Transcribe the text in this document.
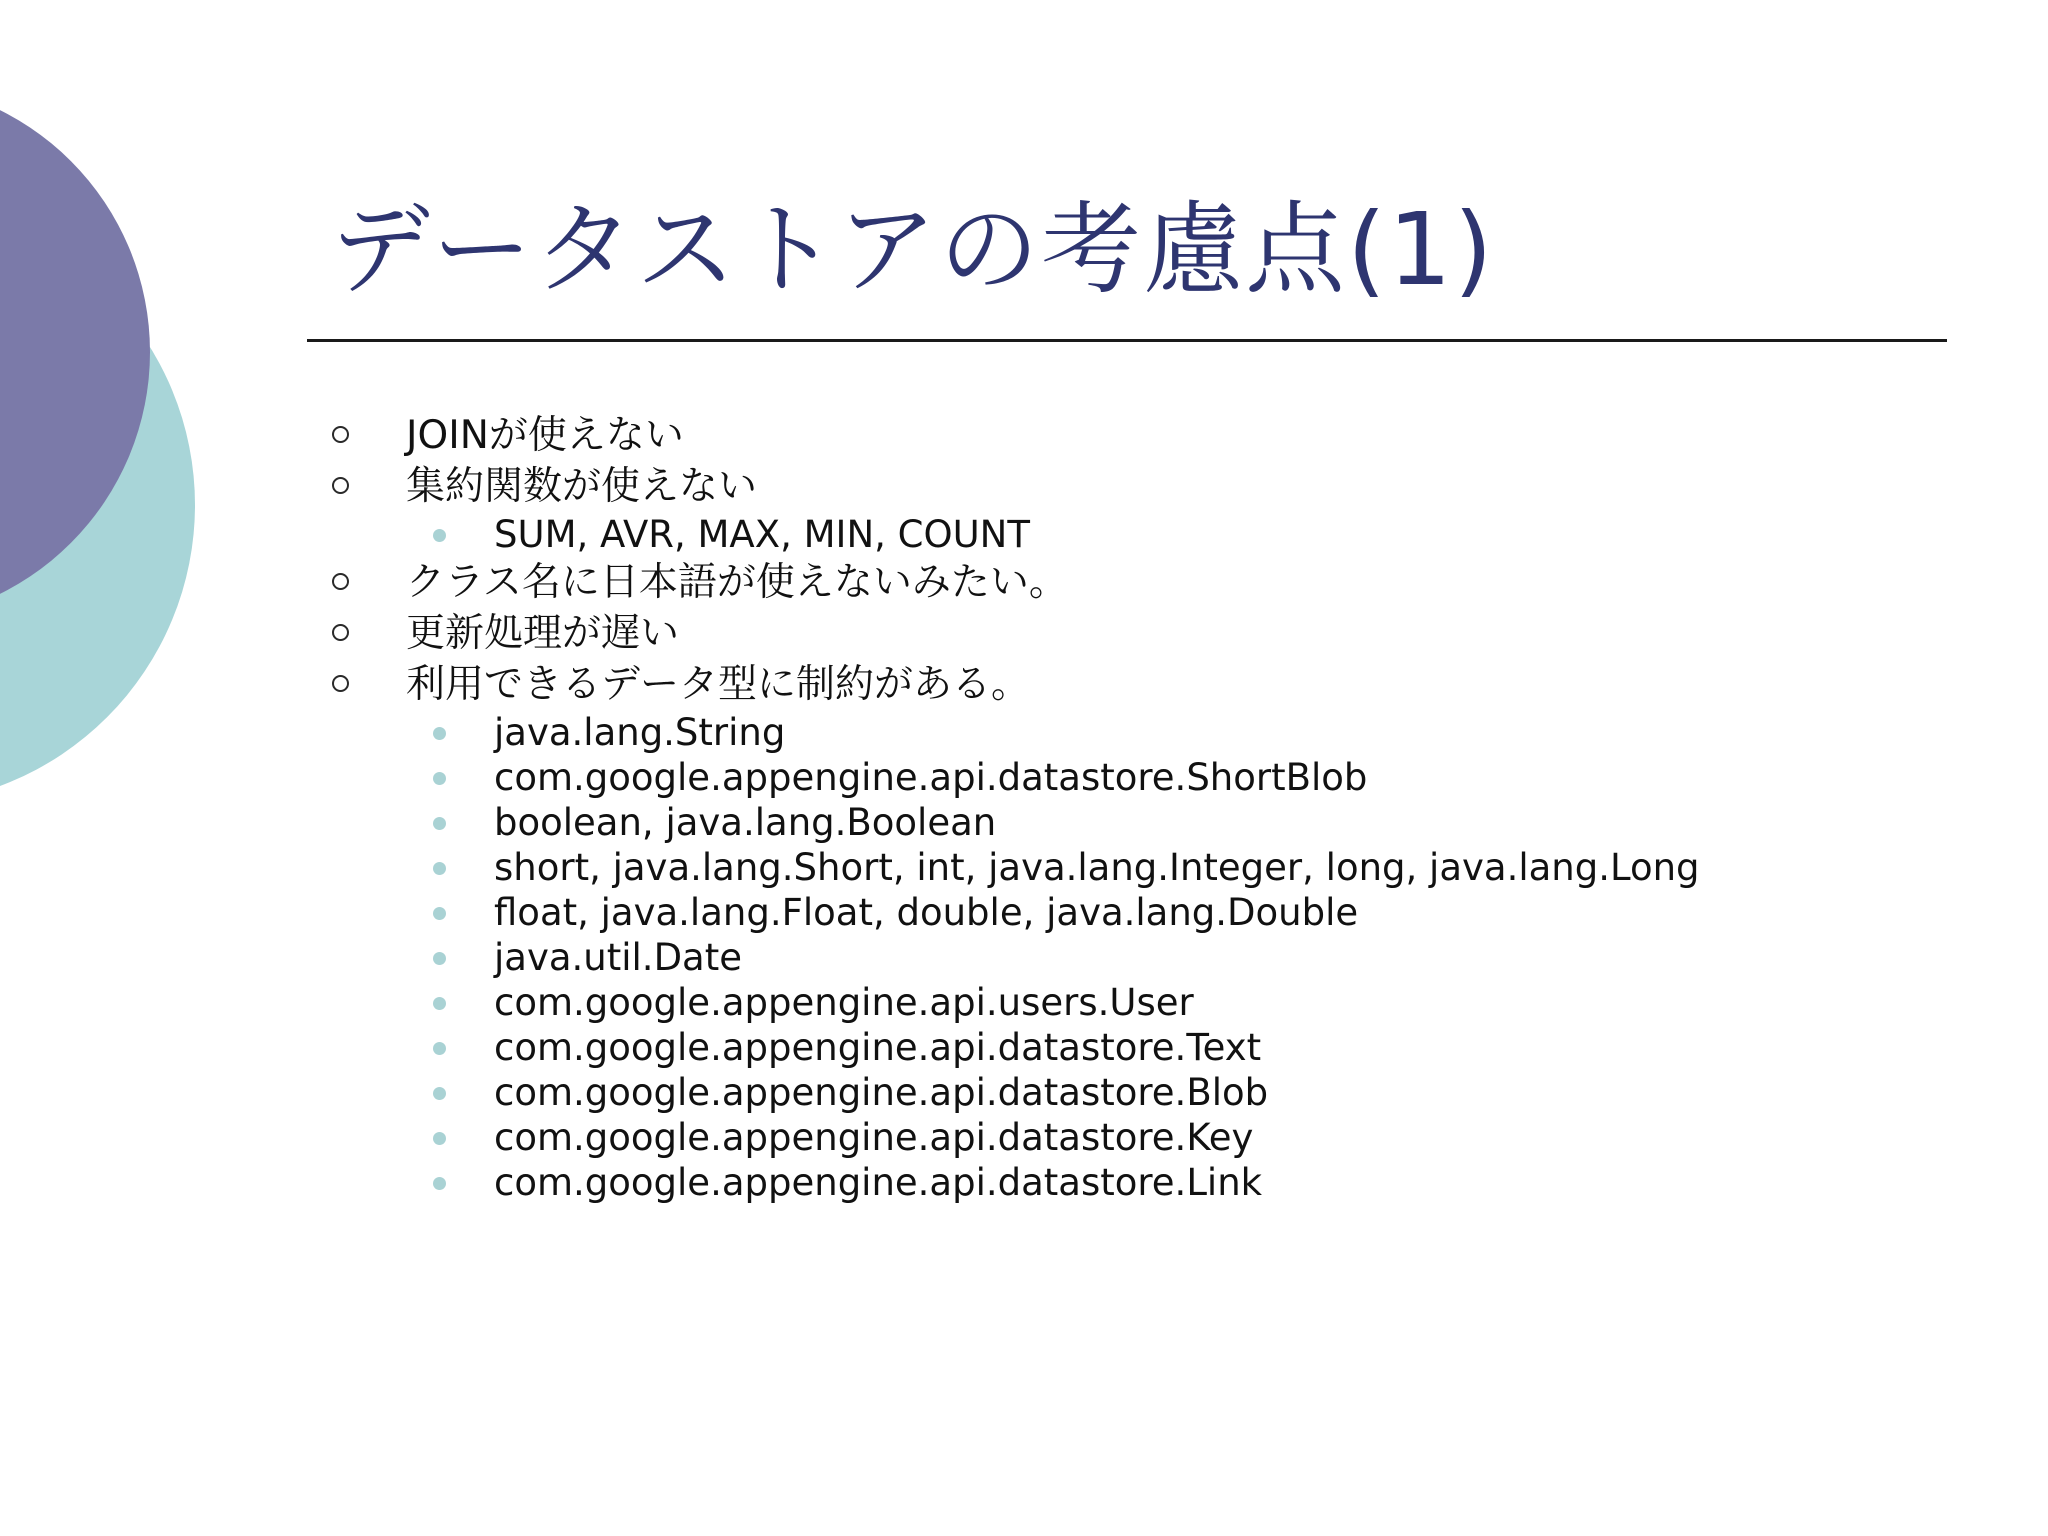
データストアの考慮点(1)
JOINが使えない
集約関数が使えない
SUM, AVR, MAX, MIN, COUNT
クラス名に日本語が使えないみたい。
更新処理が遅い
利用できるデータ型に制約がある。
java.lang.String
com.google.appengine.api.datastore.ShortBlob
boolean, java.lang.Boolean
short, java.lang.Short, int, java.lang.Integer, long, java.lang.Long
float, java.lang.Float, double, java.lang.Double
java.util.Date
com.google.appengine.api.users.User
com.google.appengine.api.datastore.Text
com.google.appengine.api.datastore.Blob
com.google.appengine.api.datastore.Key
com.google.appengine.api.datastore.Link
